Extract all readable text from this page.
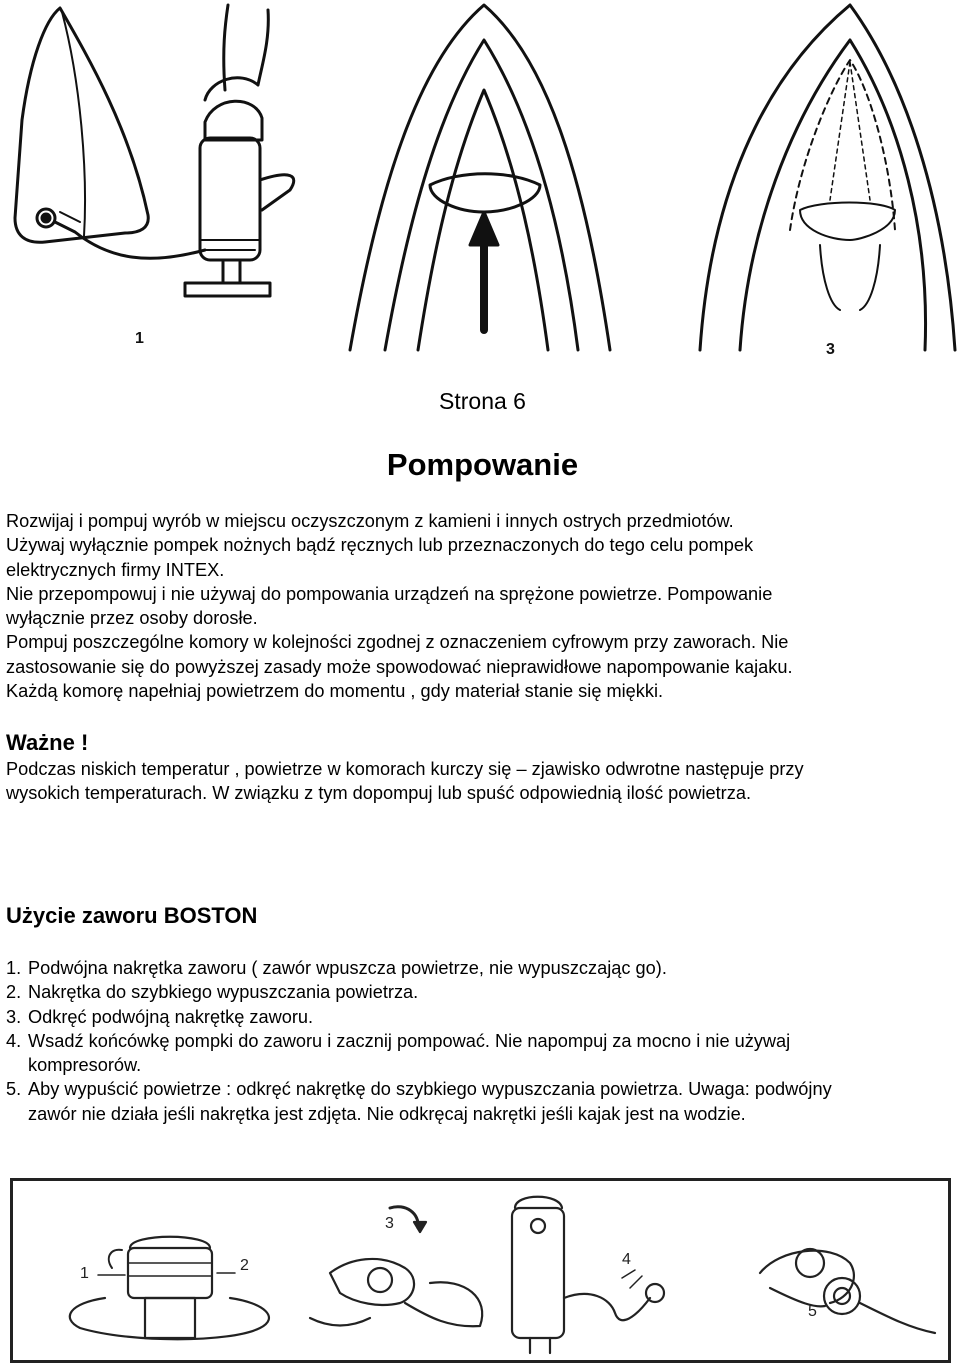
1
3
Strona 6
Pompowanie
Rozwijaj i pompuj wyrób w miejscu oczyszczonym z kamieni i innych ostrych przedmiotów.
Używaj wyłącznie pompek nożnych bądź ręcznych lub przeznaczonych do tego celu pompek
elektrycznych firmy INTEX.
Nie przepompowuj i nie używaj do pompowania urządzeń na sprężone powietrze. Pompowanie
wyłącznie przez osoby dorosłe.
Pompuj poszczególne komory w kolejności zgodnej z oznaczeniem cyfrowym przy zaworach. Nie
zastosowanie się do powyższej zasady może spowodować nieprawidłowe napompowanie kajaku.
Każdą komorę napełniaj powietrzem do momentu , gdy materiał stanie się miękki.
Ważne !
Podczas niskich temperatur , powietrze w komorach kurczy się – zjawisko odwrotne następuje przy
wysokich temperaturach. W związku z tym dopompuj lub spuść odpowiednią ilość powietrza.
Użycie zaworu BOSTON
1. Podwójna nakrętka zaworu ( zawór wpuszcza powietrze, nie wypuszczając go).
2. Nakrętka do szybkiego wypuszczania powietrza.
3. Odkręć podwójną nakrętkę zaworu.
4. Wsadź końcówkę pompki do zaworu i zacznij pompować. Nie napompuj za mocno i nie używaj
kompresorów.
5. Aby wypuścić powietrze : odkręć nakrętkę do szybkiego wypuszczania powietrza. Uwaga: podwójny
zawór nie działa jeśli nakrętka jest zdjęta. Nie odkręcaj nakrętki jeśli kajak jest na wodzie.
1	2
3
4
5
